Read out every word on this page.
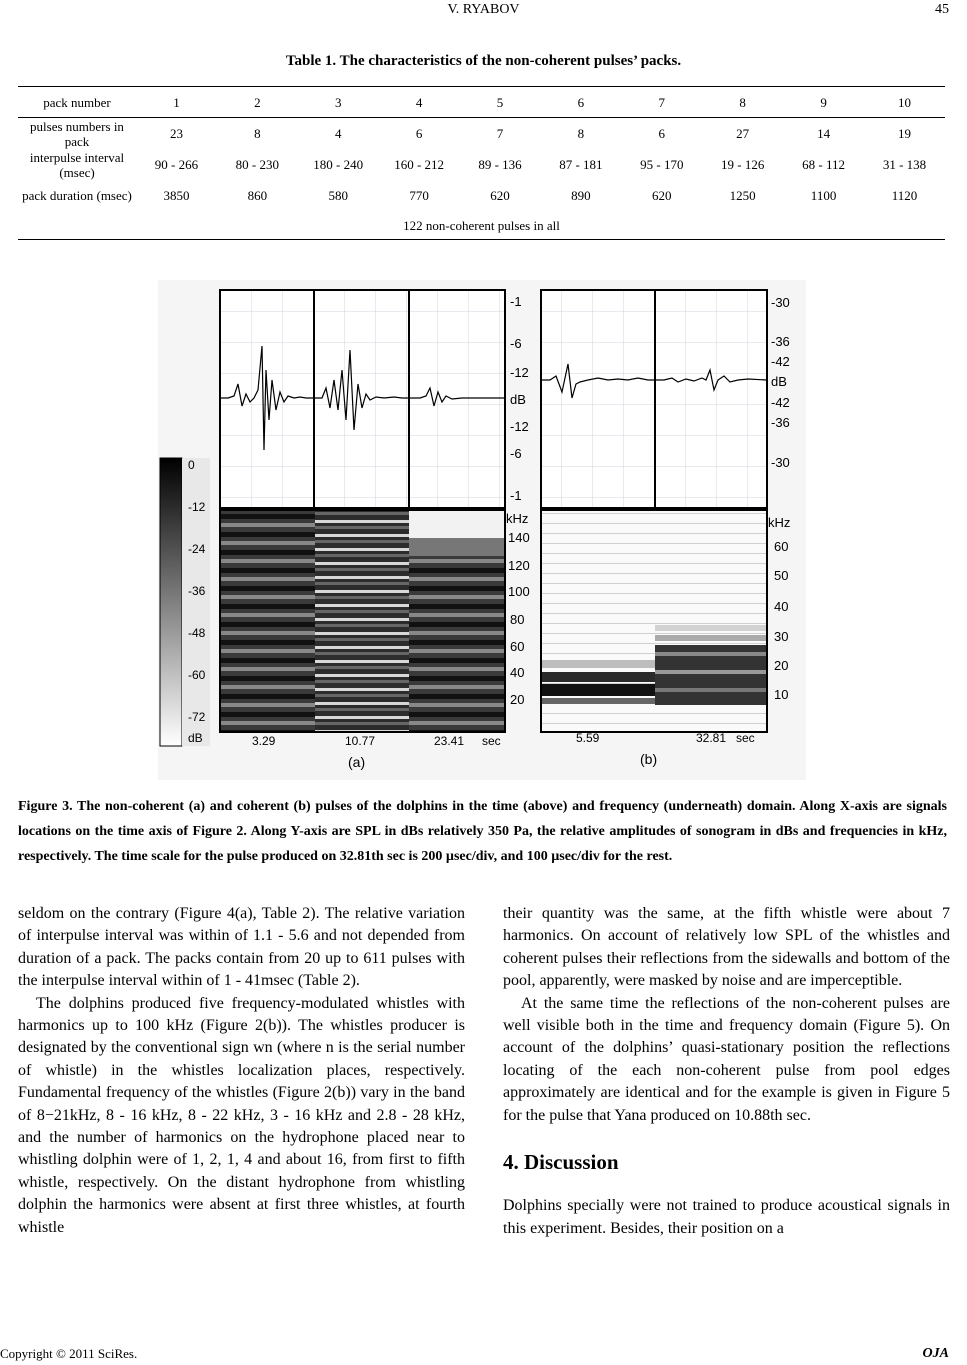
V. RYABOV	45
Table 1. The characteristics of the non-coherent pulses’ packs.
pack number	1	2	3	4	5	6	7	8	9	10
pulses numbers in pack	23	8	4	6	7	8	6	27	14	19
interpulse interval (msec)	90 - 266	80 - 230	180 - 240	160 - 212	89 - 136	87 - 181	95 - 170	19 - 126	68 - 112	31 - 138
pack duration (msec)	3850	860	580	770	620	890	620	1250	1100	1120
122 non-coherent pulses in all										
0
-12
-24
-36
-48
-60
-72
dB
-1
-6
-12
dB
-12
-6
-1
kHz
140
120
100
80
60
40
20
3.29	10.77	23.41 sec
(a)
-30
-36
-42
dB
-42
-36
-30
kHz
60
50
40
30
20
10
5.59	32.81 sec
(b)
Figure 3. The non-coherent (a) and coherent (b) pulses of the dolphins in the time (above) and frequency (underneath) domain. Along X-axis are signals locations on the time axis of Figure 2. Along Y-axis are SPL in dBs relatively 350 Pa, the relative amplitudes of sonogram in dBs and frequencies in kHz, respectively. The time scale for the pulse produced on 32.81th sec is 200 µsec/div, and 100 µsec/div for the rest.

seldom on the contrary (Figure 4(a), Table 2). The relative variation of interpulse interval was within of 1.1 - 5.6 and not depended from duration of a pack. The packs contain from 20 up to 611 pulses with the interpulse interval within of 1 - 41msec (Table 2).

The dolphins produced five frequency-modulated whistles with harmonics up to 100 kHz (Figure 2(b)). The whistles producer is designated by the conventional sign wn (where n is the serial number of whistle) in the whistles localization places, respectively. Fundamental frequency of the whistles (Figure 2(b)) vary in the band of 8−21kHz, 8 - 16 kHz, 8 - 22 kHz, 3 - 16 kHz and 2.8 - 28 kHz, and the number of harmonics on the hydrophone placed near to whistling dolphin were of 1, 2, 1, 4 and about 16, from first to fifth whistle, respectively. On the distant hydrophone from whistling dolphin the harmonics were absent at first three whistles, at fourth whistle

their quantity was the same, at the fifth whistle were about 7 harmonics. On account of relatively low SPL of the whistles and coherent pulses their reflections from the sidewalls and bottom of the pool, apparently, were masked by noise and are imperceptible.

At the same time the reflections of the non-coherent pulses are well visible both in the time and frequency domain (Figure 5). On account of the dolphins’ quasi-stationary position the reflections locating of the each non-coherent pulse from pool edges approximately are identical and for the example is given in Figure 5 for the pulse that Yana produced on 10.88th sec.

4. Discussion

Dolphins specially were not trained to produce acoustical signals in this experiment. Besides, their position on a

Copyright © 2011 SciRes.	OJA
